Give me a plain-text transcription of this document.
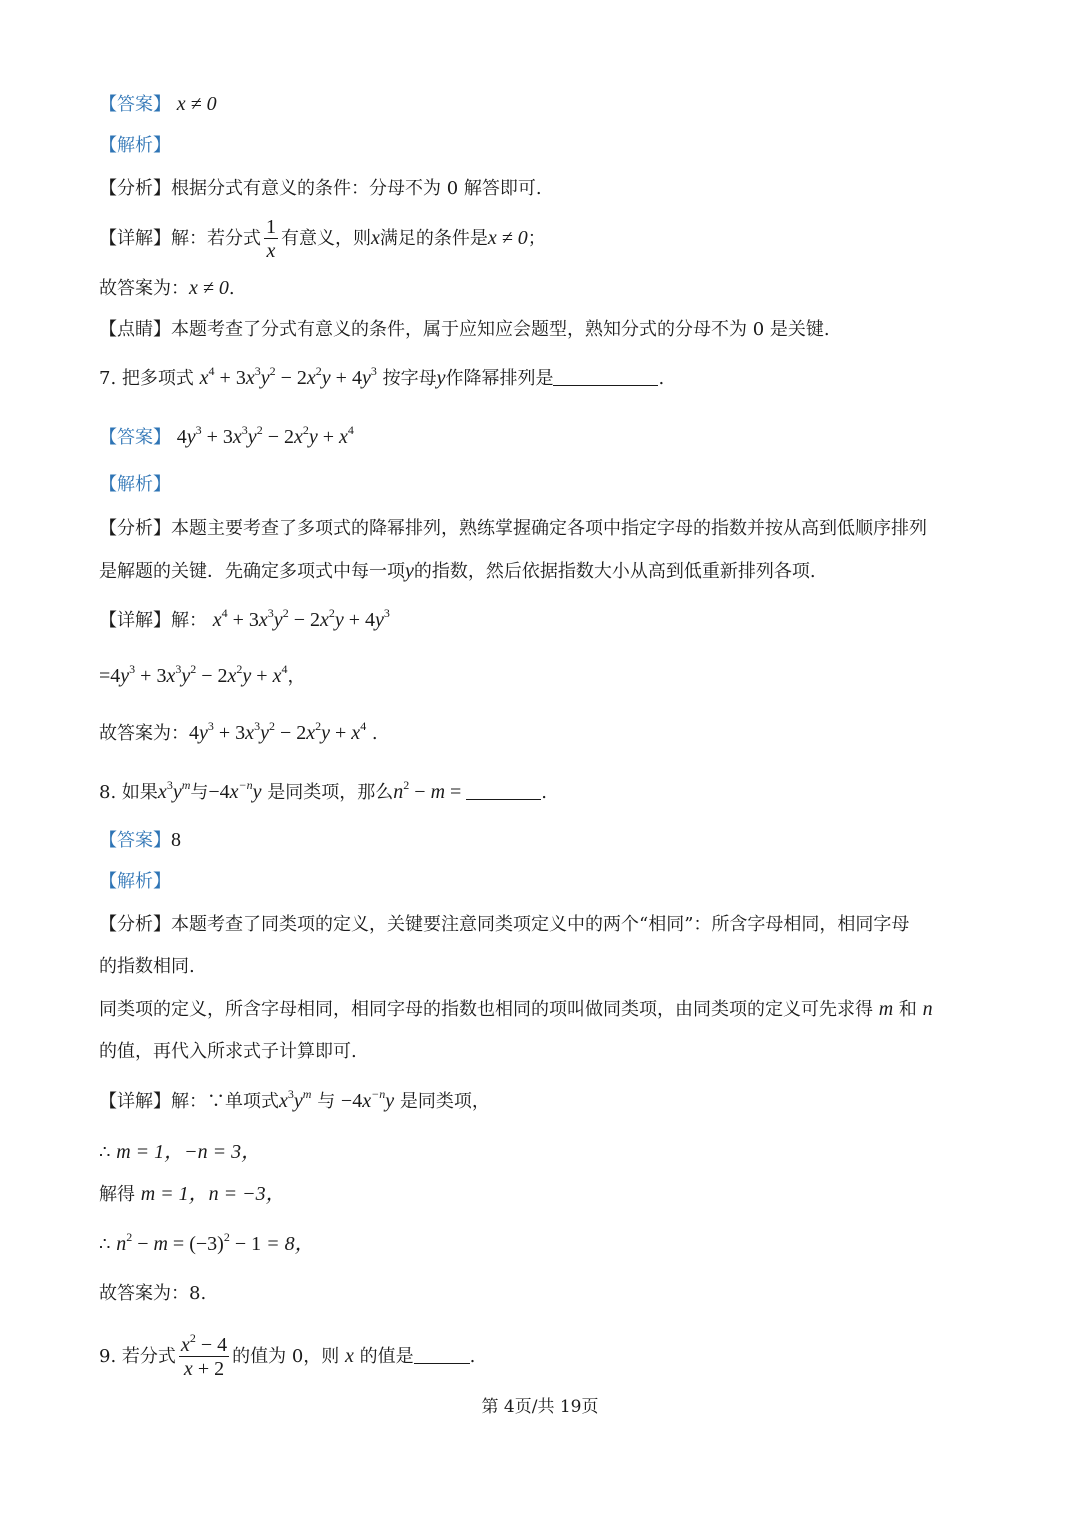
【答案】 x ≠ 0
【解析】
【分析】根据分式有意义的条件：分母不为 0 解答即可.
【详解】解：若分式 $\frac{1}{x}$ 有意义，则x满足的条件是x ≠ 0；
故答案为：x ≠ 0.
【点睛】本题考查了分式有意义的条件，属于应知应会题型，熟知分式的分母不为 0 是关键.
7. 把多项式 $x^4 + 3x^3y^2 - 2x^2y + 4y^3$ 按字母y作降幂排列是	.
【答案】 $4y^3 + 3x^3y^2 - 2x^2y + x^4$
【解析】
【分析】本题主要考查了多项式的降幂排列，熟练掌握确定各项中指定字母的指数并按从高到低顺序排列
是解题的关键．先确定多项式中每一项y的指数，然后依据指数大小从高到低重新排列各项.
【详解】解： $x^4 + 3x^3y^2 - 2x^2y + 4y^3$
$=4y^3 + 3x^3y^2 - 2x^2y + x^4$，
故答案为：$4y^3 + 3x^3y^2 - 2x^2y + x^4$ .
8. 如果$x^3y^m$与$-4x^{-n}y$ 是同类项，那么$n^2 - m$ =	.
【答案】8
【解析】
【分析】本题考查了同类项的定义，关键要注意同类项定义中的两个“相同”：所含字母相同，相同字母
的指数相同.
同类项的定义，所含字母相同，相同字母的指数也相同的项叫做同类项，由同类项的定义可先求得 m 和 n
的值，再代入所求式子计算即可.
【详解】解：∵单项式$x^3y^m$ 与 $-4x^{-n}y$ 是同类项，
∴ m = 1，−n = 3，
解得 m = 1，n = −3，
∴ $n^2 - m = (-3)^2 - 1 = 8$，
故答案为：8.
9. 若分式 $\frac{x^2 - 4}{x + 2}$ 的值为 0，则 x 的值是	.
第 4页/共 19页
